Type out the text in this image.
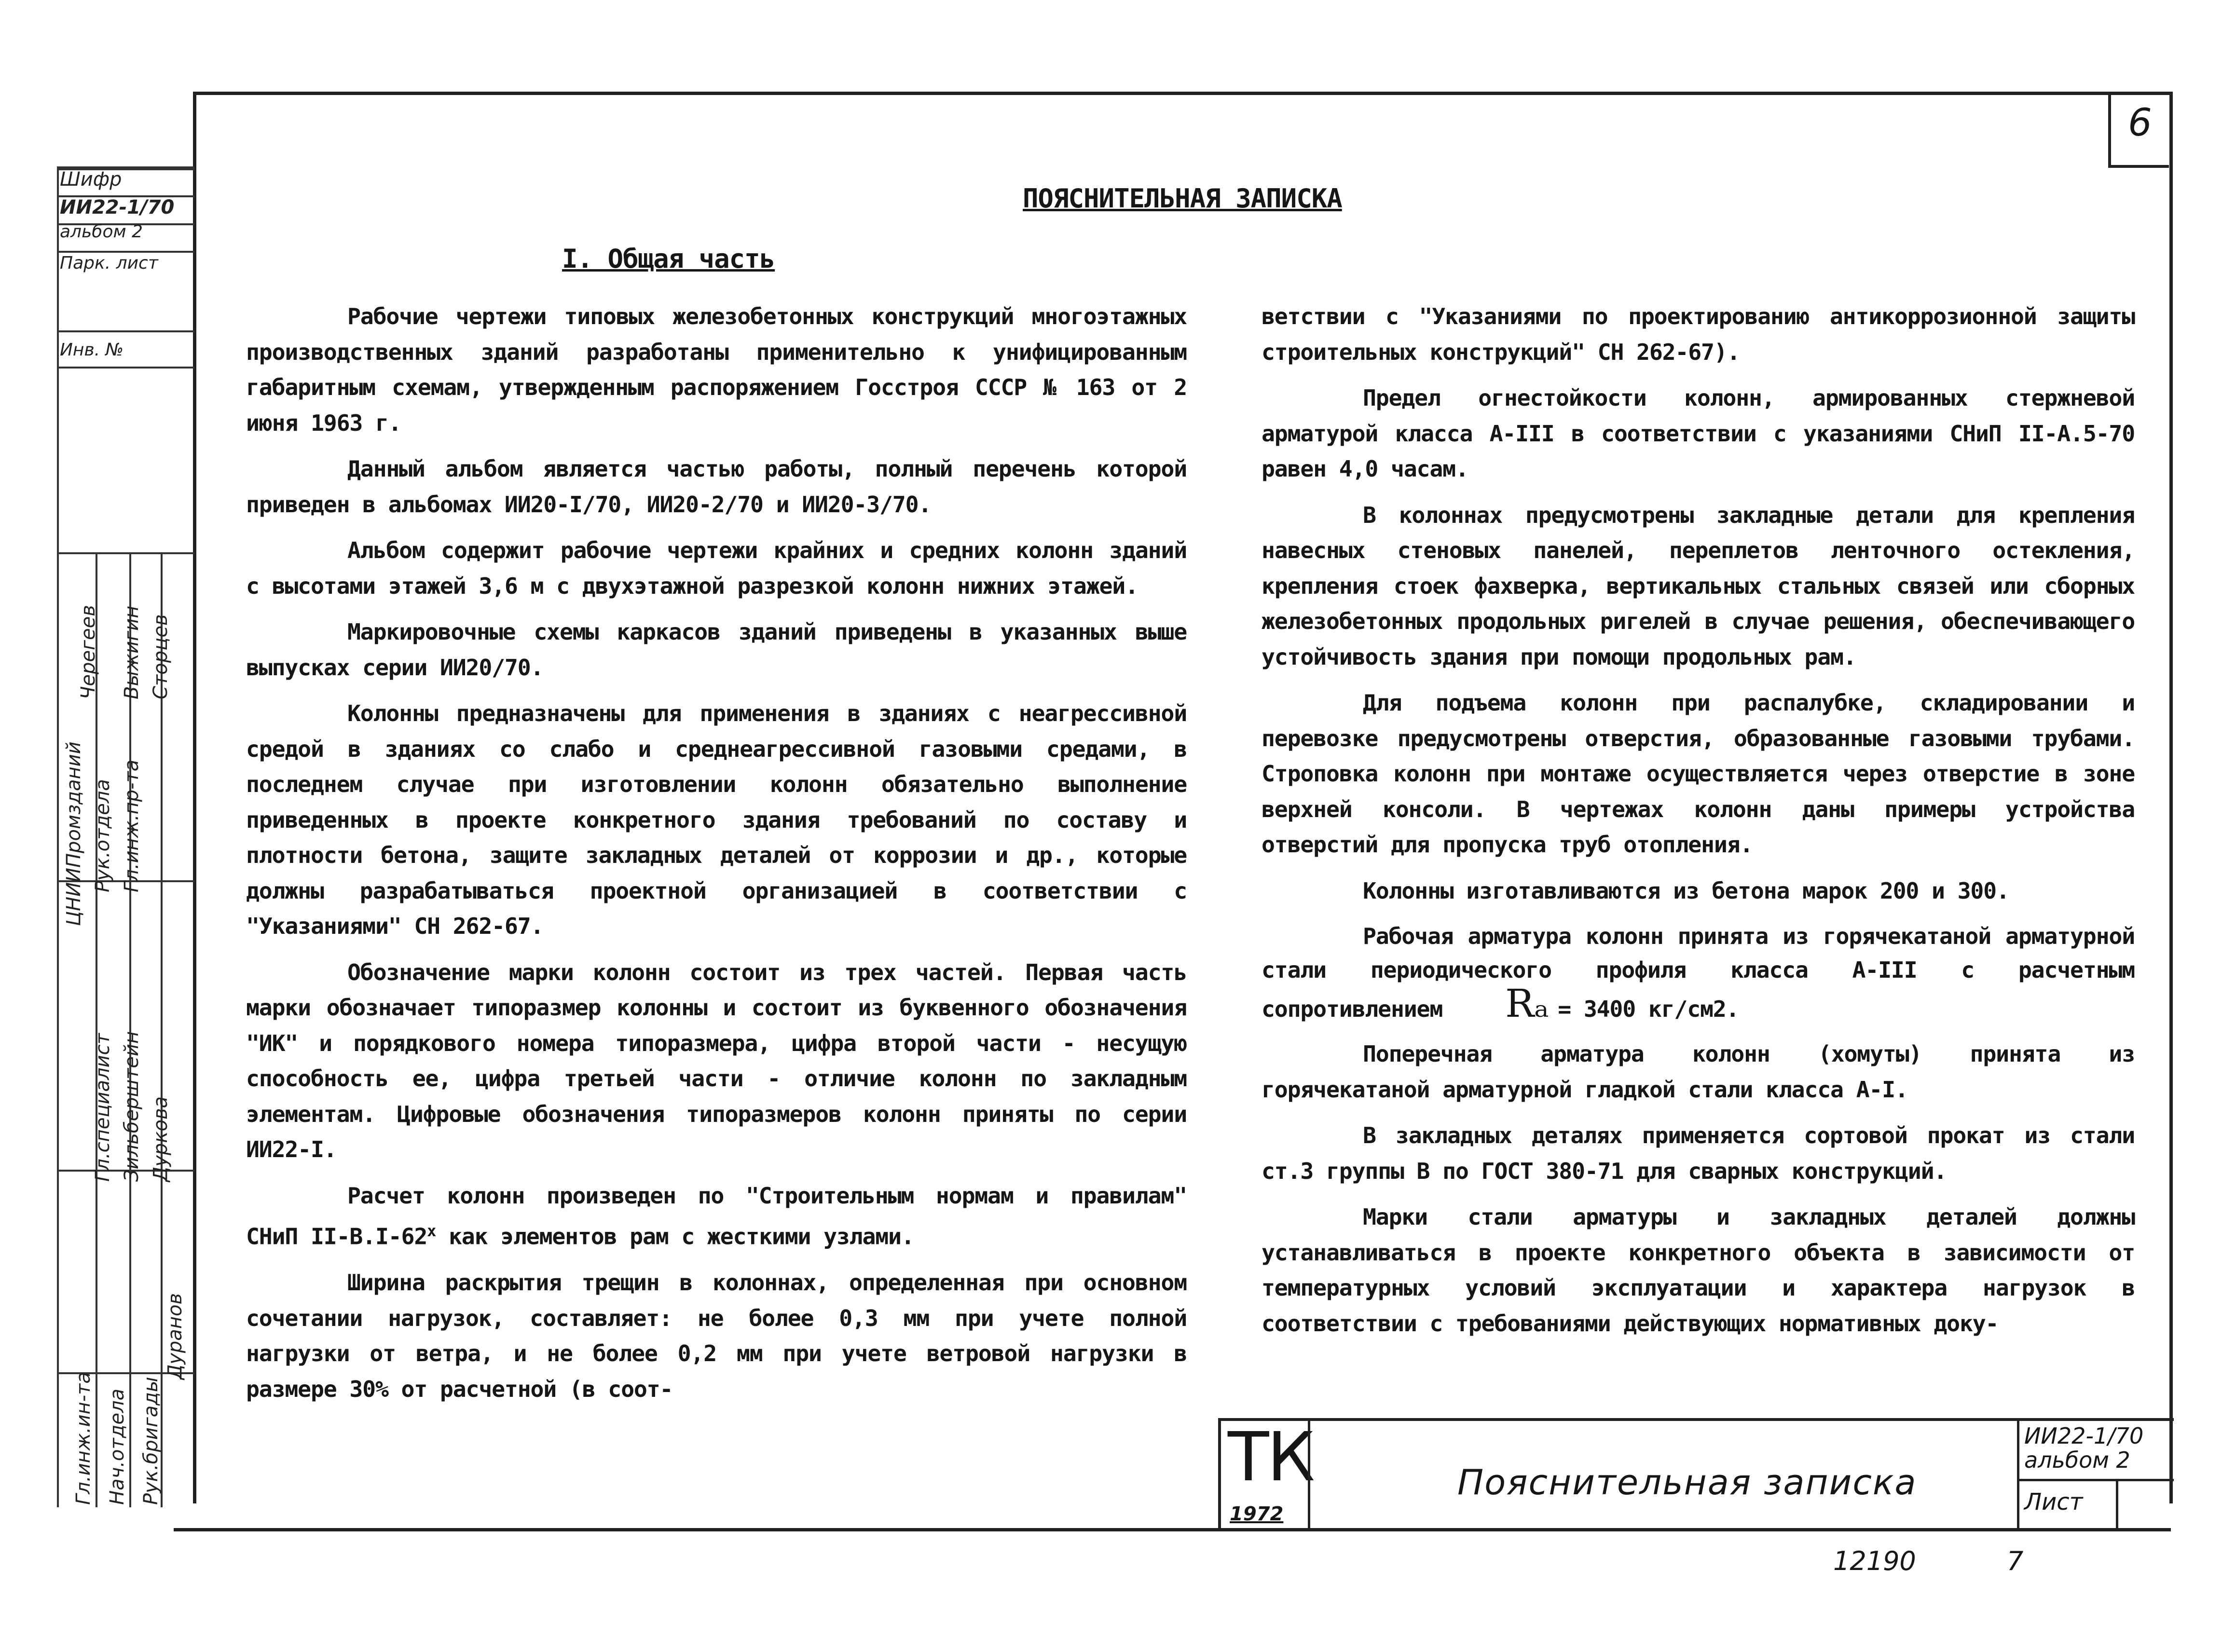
6
ПОЯСНИТЕЛЬНАЯ ЗАПИСКА
I. Общая часть

Рабочие чертежи типовых железобетонных конструкций многоэтажных производственных зданий разработаны применительно к унифицированным габаритным схемам, утвержденным распоряжением Госстроя СССР № 163 от 2 июня 1963 г.

Данный альбом является частью работы, полный перечень которой приведен в альбомах ИИ20-I/70, ИИ20-2/70 и ИИ20-3/70.

Альбом содержит рабочие чертежи крайних и средних колонн зданий с высотами этажей 3,6 м с двухэтажной разрезкой колонн нижних этажей.

Маркировочные схемы каркасов зданий приведены в указанных выше выпусках серии ИИ20/70.

Колонны предназначены для применения в зданиях с неагрессивной средой в зданиях со слабо и среднеагрессивной газовыми средами, в последнем случае при изготовлении колонн обязательно выполнение приведенных в проекте конкретного здания требований по составу и плотности бетона, защите закладных деталей от коррозии и др., которые должны разрабатываться проектной организацией в соответствии с "Указаниями" СН 262-67.

Обозначение марки колонн состоит из трех частей. Первая часть марки обозначает типоразмер колонны и состоит из буквенного обозначения "ИК" и порядкового номера типоразмера, цифра второй части - несущую способность ее, цифра третьей части - отличие колонн по закладным элементам. Цифровые обозначения типоразмеров колонн приняты по серии ИИ22-I.

Расчет колонн произведен по "Строительным нормам и правилам" СНиП II-В.I-62$^x$ как элементов рам с жесткими узлами.

Ширина раскрытия трещин в колоннах, определенная при основном сочетании нагрузок, составляет: не более 0,3 мм при учете полной нагрузки от ветра, и не более 0,2 мм при учете ветровой нагрузки в размере 30% от расчетной (в соот-

ветствии с "Указаниями по проектированию антикоррозионной защиты строительных конструкций" СН 262-67).

Предел огнестойкости колонн, армированных стержневой арматурой класса А-III в соответствии с указаниями СНиП II-А.5-70 равен 4,0 часам.

В колоннах предусмотрены закладные детали для крепления навесных стеновых панелей, переплетов ленточного остекления, крепления стоек фахверка, вертикальных стальных связей или сборных железобетонных продольных ригелей в случае решения, обеспечивающего устойчивость здания при помощи продольных рам.

Для подъема колонн при распалубке, складировании и перевозке предусмотрены отверстия, образованные газовыми трубами. Строповка колонн при монтаже осуществляется через отверстие в зоне верхней консоли. В чертежах колонн даны примеры устройства отверстий для пропуска труб отопления.

Колонны изготавливаются из бетона марок 200 и 300.

Рабочая арматура колонн принята из горячекатаной арматурной стали периодического профиля класса А-III с расчетным сопротивлением Rₐ = 3400 кг/см2.

Поперечная арматура колонн (хомуты) принята из горячекатаной арматурной гладкой стали класса А-I.

В закладных деталях применяется сортовой прокат из стали ст.3 группы В по ГОСТ 380-71 для сварных конструкций.

Марки стали арматуры и закладных деталей должны устанавливаться в проекте конкретного объекта в зависимости от температурных условий эксплуатации и характера нагрузок в соответствии с требованиями действующих нормативных доку-

Шифр
ИИ22-1/70
альбом 2
Парк. лист
Инв. №
Рук.отдела Гл.инж.пр-та
Сторцев
Выжигин
Черегеев
ЦНИИПромзданий
Гл.специалист Зильберштейн Дуркова
Гл.инж.ин-та Нач.отдела Рук.бригады
Дуранов
ТК
1972
Пояснительная записка
ИИ22-1/70
альбом 2
Лист
12190	7
